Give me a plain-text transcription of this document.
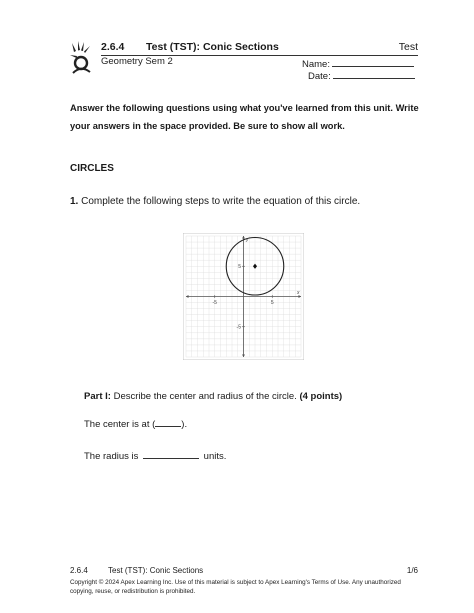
2.6.4 Test (TST): Conic Sections	Test
Geometry Sem 2	Name:
Date:
Answer the following questions using what you've learned from this unit. Write your answers in the space provided. Be sure to show all work.
CIRCLES
1. Complete the following steps to write the equation of this circle.
y
x
-5	5
5
-5
Part I: Describe the center and radius of the circle. (4 points)
The center is at (	).
The radius is	units.
2.6.4	Test (TST): Conic Sections	1/6
Copyright © 2024 Apex Learning Inc. Use of this material is subject to Apex Learning's Terms of Use. Any unauthorized copying, reuse, or redistribution is prohibited.
